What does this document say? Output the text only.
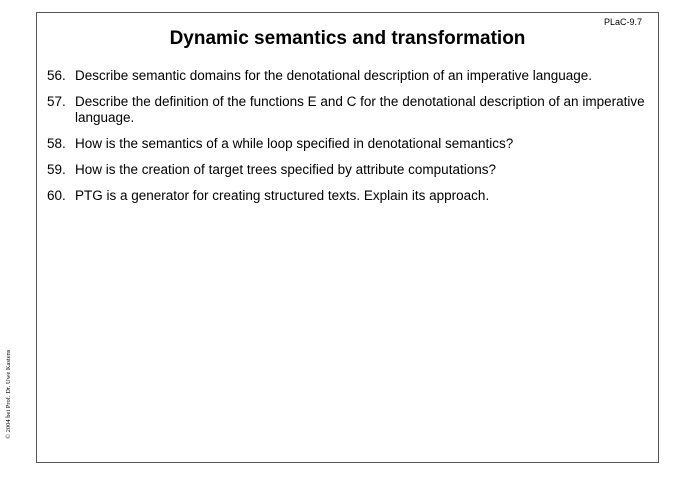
PLaC-9.7
Dynamic semantics and transformation
56. Describe semantic domains for the denotational description of an imperative language.
57. Describe the definition of the functions E and C for the denotational description of an imperative language.
58. How is the semantics of a while loop specified in denotational semantics?
59. How is the creation of target trees specified by attribute computations?
60. PTG is a generator for creating structured texts. Explain its approach.
© 2004 bei Prof. Dr. Uwe Kastens
